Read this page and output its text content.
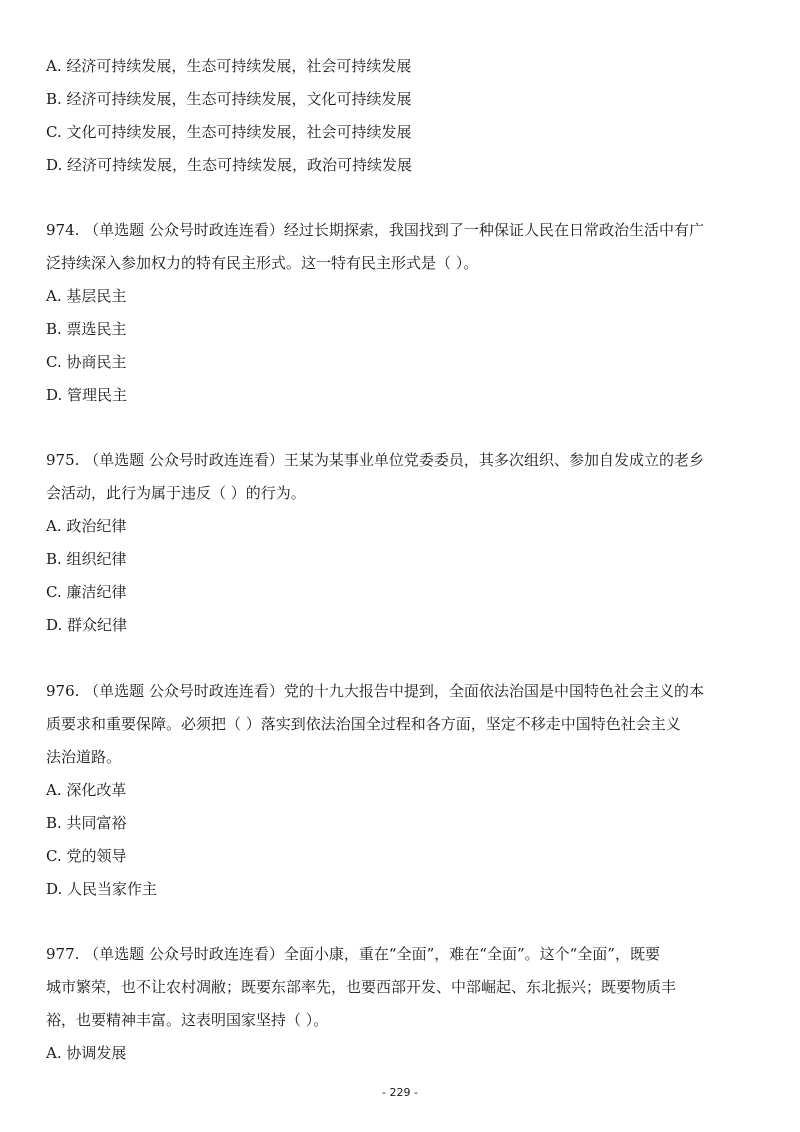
A. 经济可持续发展，生态可持续发展，社会可持续发展
B. 经济可持续发展，生态可持续发展，文化可持续发展
C. 文化可持续发展，生态可持续发展，社会可持续发展
D. 经济可持续发展，生态可持续发展，政治可持续发展
974. （单选题 公众号时政连连看）经过长期探索，我国找到了一种保证人民在日常政治生活中有广
泛持续深入参加权力的特有民主形式。这一特有民主形式是（ ）。
A. 基层民主
B. 票选民主
C. 协商民主
D. 管理民主
975. （单选题 公众号时政连连看）王某为某事业单位党委委员，其多次组织、参加自发成立的老乡
会活动，此行为属于违反（ ）的行为。
A. 政治纪律
B. 组织纪律
C. 廉洁纪律
D. 群众纪律
976. （单选题 公众号时政连连看）党的十九大报告中提到，全面依法治国是中国特色社会主义的本
质要求和重要保障。必须把（ ）落实到依法治国全过程和各方面，坚定不移走中国特色社会主义
法治道路。
A. 深化改革
B. 共同富裕
C. 党的领导
D. 人民当家作主
977. （单选题 公众号时政连连看）全面小康，重在“全面”，难在“全面”。这个“全面”，既要
城市繁荣，也不让农村凋敝；既要东部率先，也要西部开发、中部崛起、东北振兴；既要物质丰
裕，也要精神丰富。这表明国家坚持（ ）。
A. 协调发展
- 229 -
